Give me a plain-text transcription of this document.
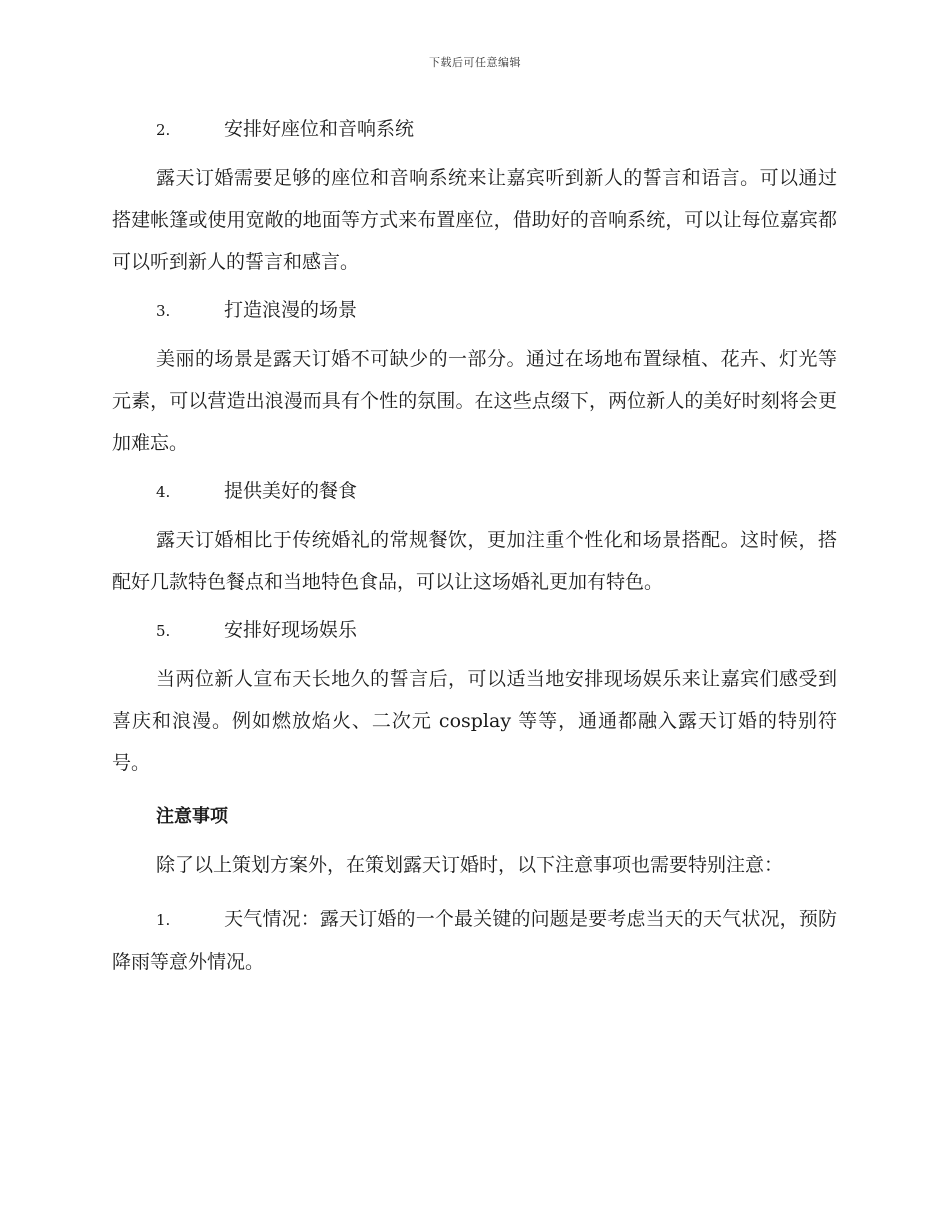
下载后可任意编辑
2.	安排好座位和音响系统

露天订婚需要足够的座位和音响系统来让嘉宾听到新人的誓言和语言。可以通过搭建帐篷或使用宽敞的地面等方式来布置座位，借助好的音响系统，可以让每位嘉宾都可以听到新人的誓言和感言。

3.	打造浪漫的场景

美丽的场景是露天订婚不可缺少的一部分。通过在场地布置绿植、花卉、灯光等元素，可以营造出浪漫而具有个性的氛围。在这些点缀下，两位新人的美好时刻将会更加难忘。

4.	提供美好的餐食

露天订婚相比于传统婚礼的常规餐饮，更加注重个性化和场景搭配。这时候，搭配好几款特色餐点和当地特色食品，可以让这场婚礼更加有特色。

5.	安排好现场娱乐

当两位新人宣布天长地久的誓言后，可以适当地安排现场娱乐来让嘉宾们感受到喜庆和浪漫。例如燃放焰火、二次元 cosplay 等等，通通都融入露天订婚的特别符号。

注意事项

除了以上策划方案外，在策划露天订婚时，以下注意事项也需要特别注意：

1.	天气情况：露天订婚的一个最关键的问题是要考虑当天的天气状况，预防降雨等意外情况。
